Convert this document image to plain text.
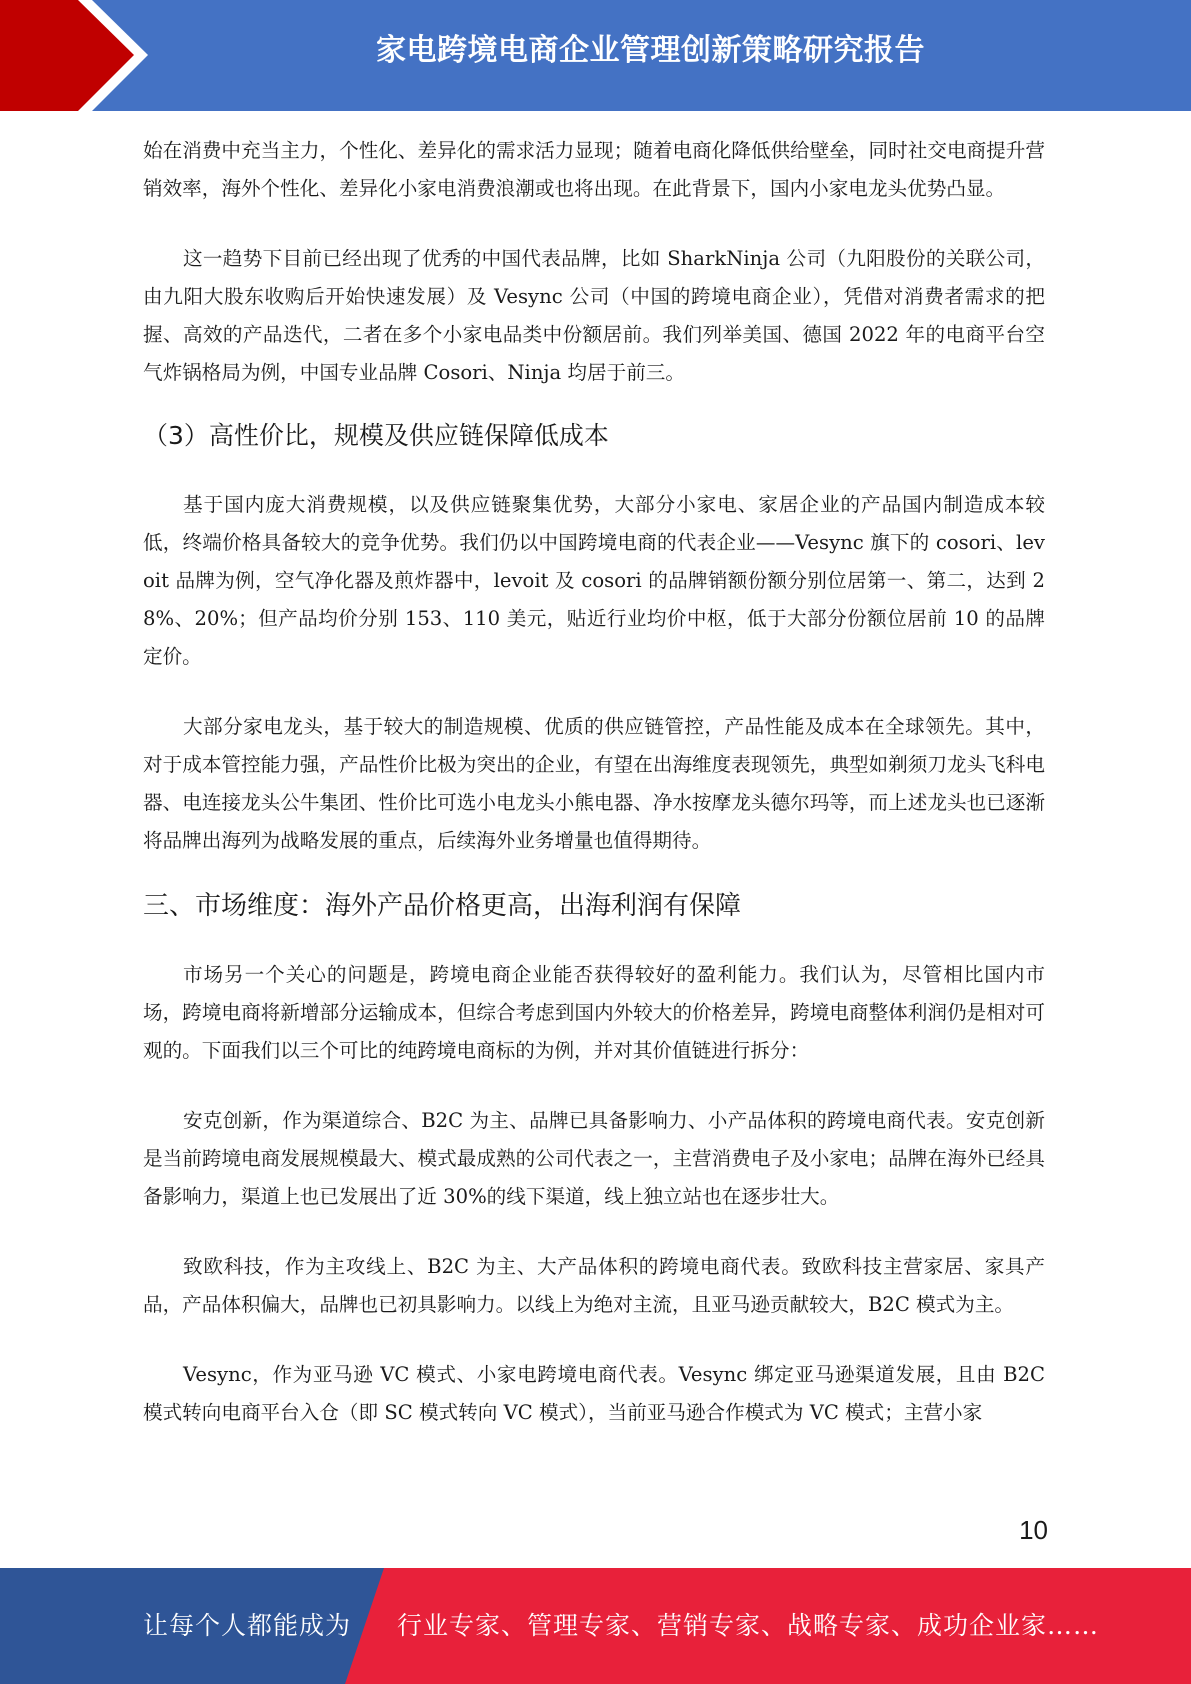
家电跨境电商企业管理创新策略研究报告

始在消费中充当主力，个性化、差异化的需求活力显现；随着电商化降低供给壁垒，同时社交电商提升营销效率，海外个性化、差异化小家电消费浪潮或也将出现。在此背景下，国内小家电龙头优势凸显。

这一趋势下目前已经出现了优秀的中国代表品牌，比如 SharkNinja 公司（九阳股份的关联公司，由九阳大股东收购后开始快速发展）及 Vesync 公司（中国的跨境电商企业），凭借对消费者需求的把握、高效的产品迭代，二者在多个小家电品类中份额居前。我们列举美国、德国 2022 年的电商平台空气炸锅格局为例，中国专业品牌 Cosori、Ninja 均居于前三。

（3）高性价比，规模及供应链保障低成本

基于国内庞大消费规模，以及供应链聚集优势，大部分小家电、家居企业的产品国内制造成本较低，终端价格具备较大的竞争优势。我们仍以中国跨境电商的代表企业——Vesync 旗下的 cosori、levoit 品牌为例，空气净化器及煎炸器中，levoit 及 cosori 的品牌销额份额分别位居第一、第二，达到 28%、20%；但产品均价分别 153、110 美元，贴近行业均价中枢，低于大部分份额位居前 10 的品牌定价。

大部分家电龙头，基于较大的制造规模、优质的供应链管控，产品性能及成本在全球领先。其中，对于成本管控能力强，产品性价比极为突出的企业，有望在出海维度表现领先，典型如剃须刀龙头飞科电器、电连接龙头公牛集团、性价比可选小电龙头小熊电器、净水按摩龙头德尔玛等，而上述龙头也已逐渐将品牌出海列为战略发展的重点，后续海外业务增量也值得期待。

三、市场维度：海外产品价格更高，出海利润有保障

市场另一个关心的问题是，跨境电商企业能否获得较好的盈利能力。我们认为，尽管相比国内市场，跨境电商将新增部分运输成本，但综合考虑到国内外较大的价格差异，跨境电商整体利润仍是相对可观的。下面我们以三个可比的纯跨境电商标的为例，并对其价值链进行拆分：

安克创新，作为渠道综合、B2C 为主、品牌已具备影响力、小产品体积的跨境电商代表。安克创新是当前跨境电商发展规模最大、模式最成熟的公司代表之一，主营消费电子及小家电；品牌在海外已经具备影响力，渠道上也已发展出了近 30%的线下渠道，线上独立站也在逐步壮大。

致欧科技，作为主攻线上、B2C 为主、大产品体积的跨境电商代表。致欧科技主营家居、家具产品，产品体积偏大，品牌也已初具影响力。以线上为绝对主流，且亚马逊贡献较大，B2C 模式为主。

Vesync，作为亚马逊 VC 模式、小家电跨境电商代表。Vesync 绑定亚马逊渠道发展，且由 B2C 模式转向电商平台入仓（即 SC 模式转向 VC 模式），当前亚马逊合作模式为 VC 模式；主营小家

10
让每个人都能成为 行业专家、管理专家、营销专家、战略专家、成功企业家……
